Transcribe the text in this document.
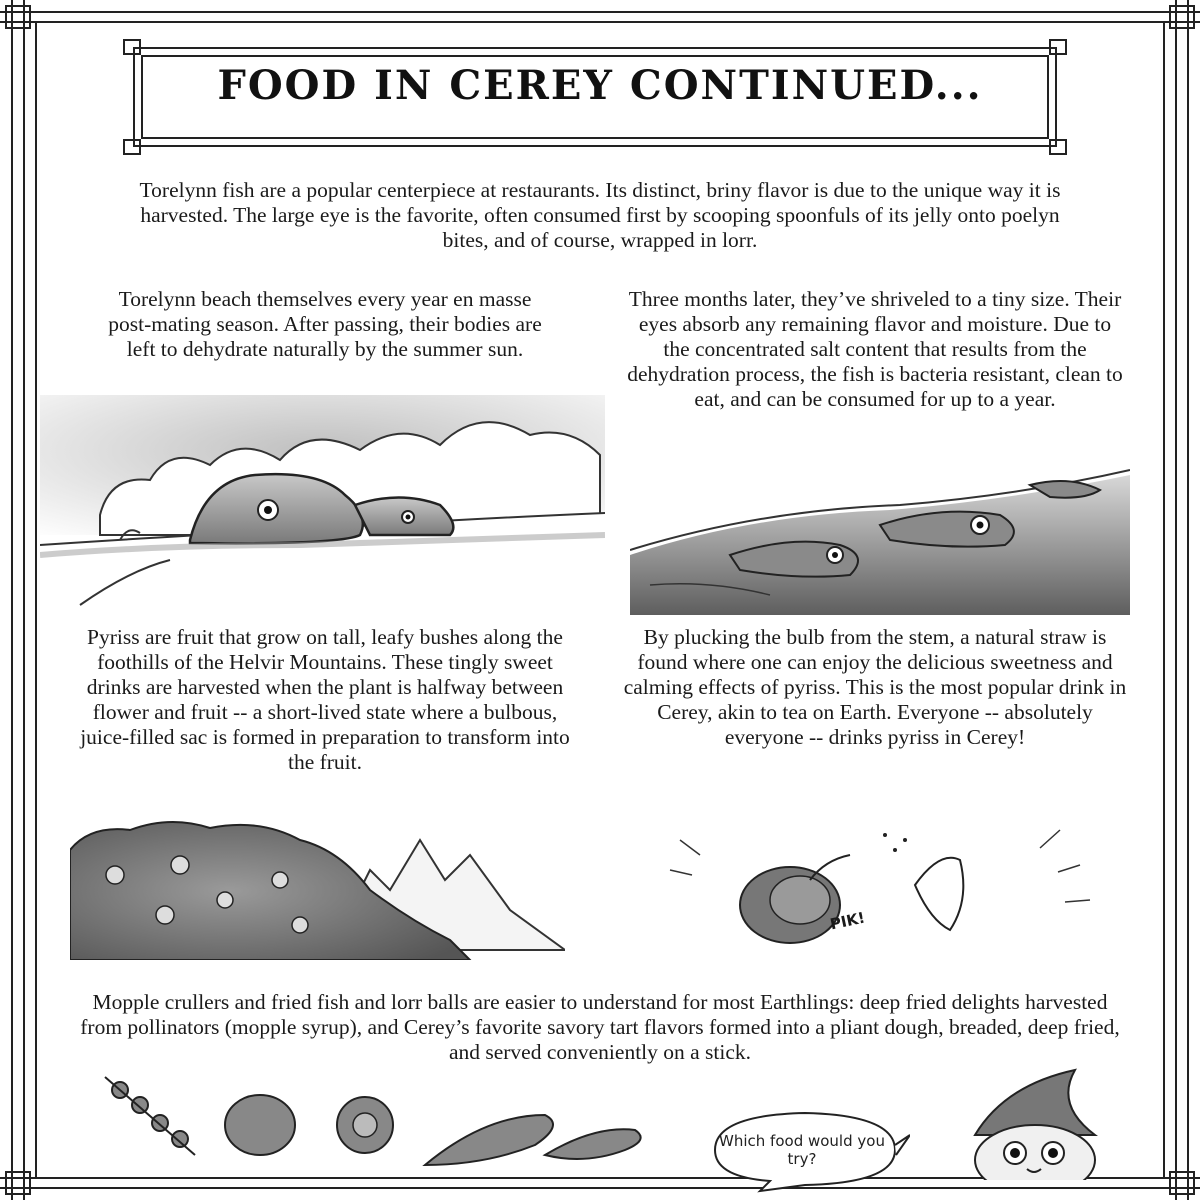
FOOD IN CEREY CONTINUED...
Torelynn fish are a popular centerpiece at restaurants. Its distinct, briny flavor is due to the unique way it is harvested. The large eye is the favorite, often consumed first by scooping spoonfuls of its jelly onto poelyn bites, and of course, wrapped in lorr.
Torelynn beach themselves every year en masse post-mating season. After passing, their bodies are left to dehydrate naturally by the summer sun.
Three months later, they’ve shriveled to a tiny size. Their eyes absorb any remaining flavor and moisture. Due to the concentrated salt content that results from the dehydration process, the fish is bacteria resistant, clean to eat, and can be consumed for up to a year.
Pyriss are fruit that grow on tall, leafy bushes along the foothills of the Helvir Mountains. These tingly sweet drinks are harvested when the plant is halfway between flower and fruit -- a short-lived state where a bulbous, juice-filled sac is formed in preparation to transform into the fruit.
By plucking the bulb from the stem, a natural straw is found where one can enjoy the delicious sweetness and calming effects of pyriss. This is the most popular drink in Cerey, akin to tea on Earth. Everyone -- absolutely everyone -- drinks pyriss in Cerey!
PIK!
Mopple crullers and fried fish and lorr balls are easier to understand for most Earthlings: deep fried delights harvested from pollinators (mopple syrup), and Cerey’s favorite savory tart flavors formed into a pliant dough, breaded, deep fried, and served conveniently on a stick.
Which food would you try?
